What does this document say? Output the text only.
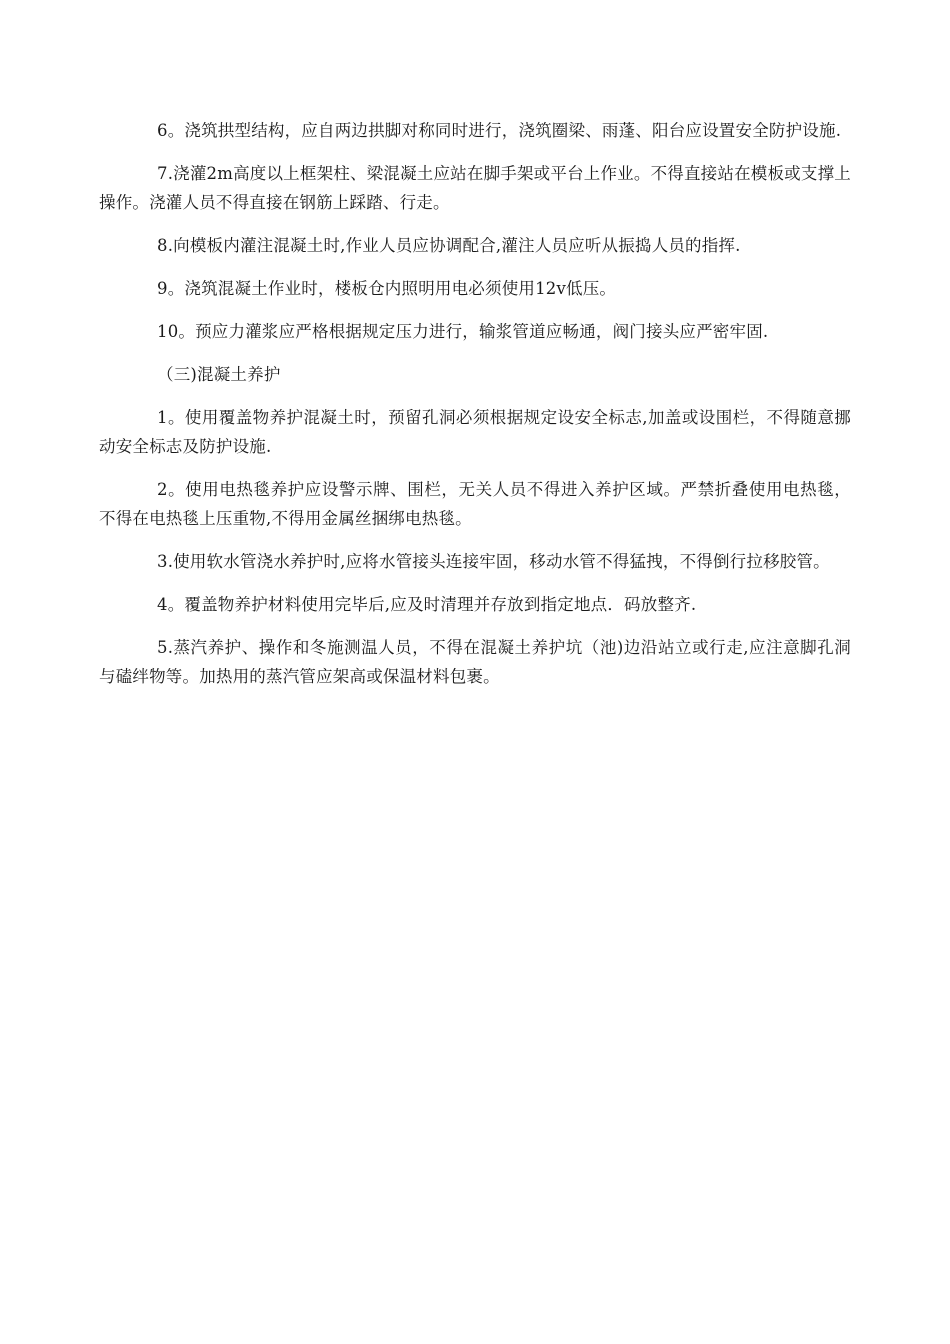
6。浇筑拱型结构，应自两边拱脚对称同时进行，浇筑圈梁、雨蓬、阳台应设置安全防护设施.

7.浇灌2m高度以上框架柱、梁混凝土应站在脚手架或平台上作业。不得直接站在模板或支撑上操作。浇灌人员不得直接在钢筋上踩踏、行走。

8.向模板内灌注混凝土时,作业人员应协调配合,灌注人员应听从振捣人员的指挥.

9。浇筑混凝土作业时，楼板仓内照明用电必须使用12v低压。

10。预应力灌浆应严格根据规定压力进行，输浆管道应畅通，阀门接头应严密牢固.

（三)混凝土养护

1。使用覆盖物养护混凝土时，预留孔洞必须根据规定设安全标志,加盖或设围栏，不得随意挪动安全标志及防护设施.

2。使用电热毯养护应设警示牌、围栏，无关人员不得进入养护区域。严禁折叠使用电热毯，不得在电热毯上压重物,不得用金属丝捆绑电热毯。

3.使用软水管浇水养护时,应将水管接头连接牢固，移动水管不得猛拽，不得倒行拉移胶管。

4。覆盖物养护材料使用完毕后,应及时清理并存放到指定地点．码放整齐.

5.蒸汽养护、操作和冬施测温人员，不得在混凝土养护坑（池)边沿站立或行走,应注意脚孔洞与磕绊物等。加热用的蒸汽管应架高或保温材料包裹。
